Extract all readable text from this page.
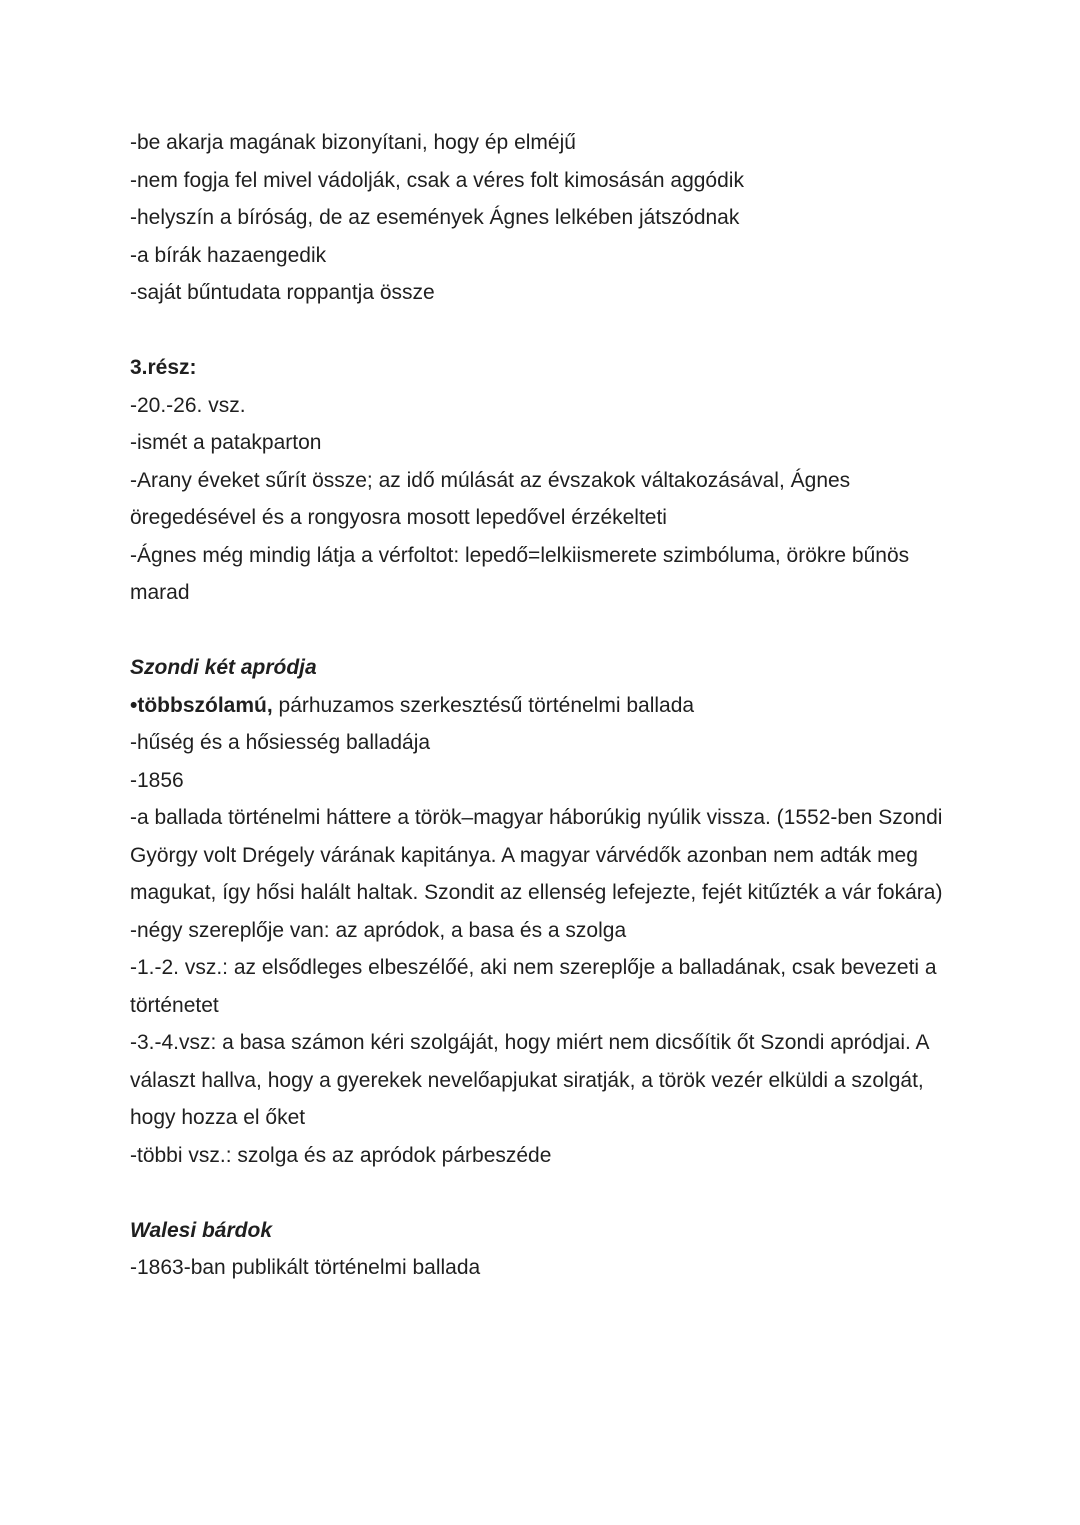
-be akarja magának bizonyítani, hogy ép elméjű

-nem fogja fel mivel vádolják, csak a véres folt kimosásán aggódik

-helyszín a bíróság, de az események Ágnes lelkében játszódnak

-a bírák hazaengedik

-saját bűntudata roppantja össze

3.rész:

-20.-26. vsz.

-ismét a patakparton

-Arany éveket sűrít össze; az idő múlását az évszakok váltakozásával, Ágnes öregedésével és a rongyosra mosott lepedővel érzékelteti

-Ágnes még mindig látja a vérfoltot: lepedő=lelkiismerete szimbóluma, örökre bűnös marad

Szondi két apródja

•többszólamú, párhuzamos szerkesztésű történelmi ballada

-hűség és a hősiesség balladája

-1856

-a ballada történelmi háttere a török–magyar háborúkig nyúlik vissza. (1552-ben Szondi György volt Drégely várának kapitánya. A magyar várvédők azonban nem adták meg magukat, így hősi halált haltak. Szondit az ellenség lefejezte, fejét kitűzték a vár fokára)

-négy szereplője van: az apródok, a basa és a szolga

-1.-2. vsz.: az elsődleges elbeszélőé, aki nem szereplője a balladának, csak bevezeti a történetet

-3.-4.vsz: a basa számon kéri szolgáját, hogy miért nem dicsőítik őt Szondi apródjai. A választ hallva, hogy a gyerekek nevelőapjukat siratják, a török vezér elküldi a szolgát, hogy hozza el őket

-többi vsz.: szolga és az apródok párbeszéde

Walesi bárdok

-1863-ban publikált történelmi ballada
